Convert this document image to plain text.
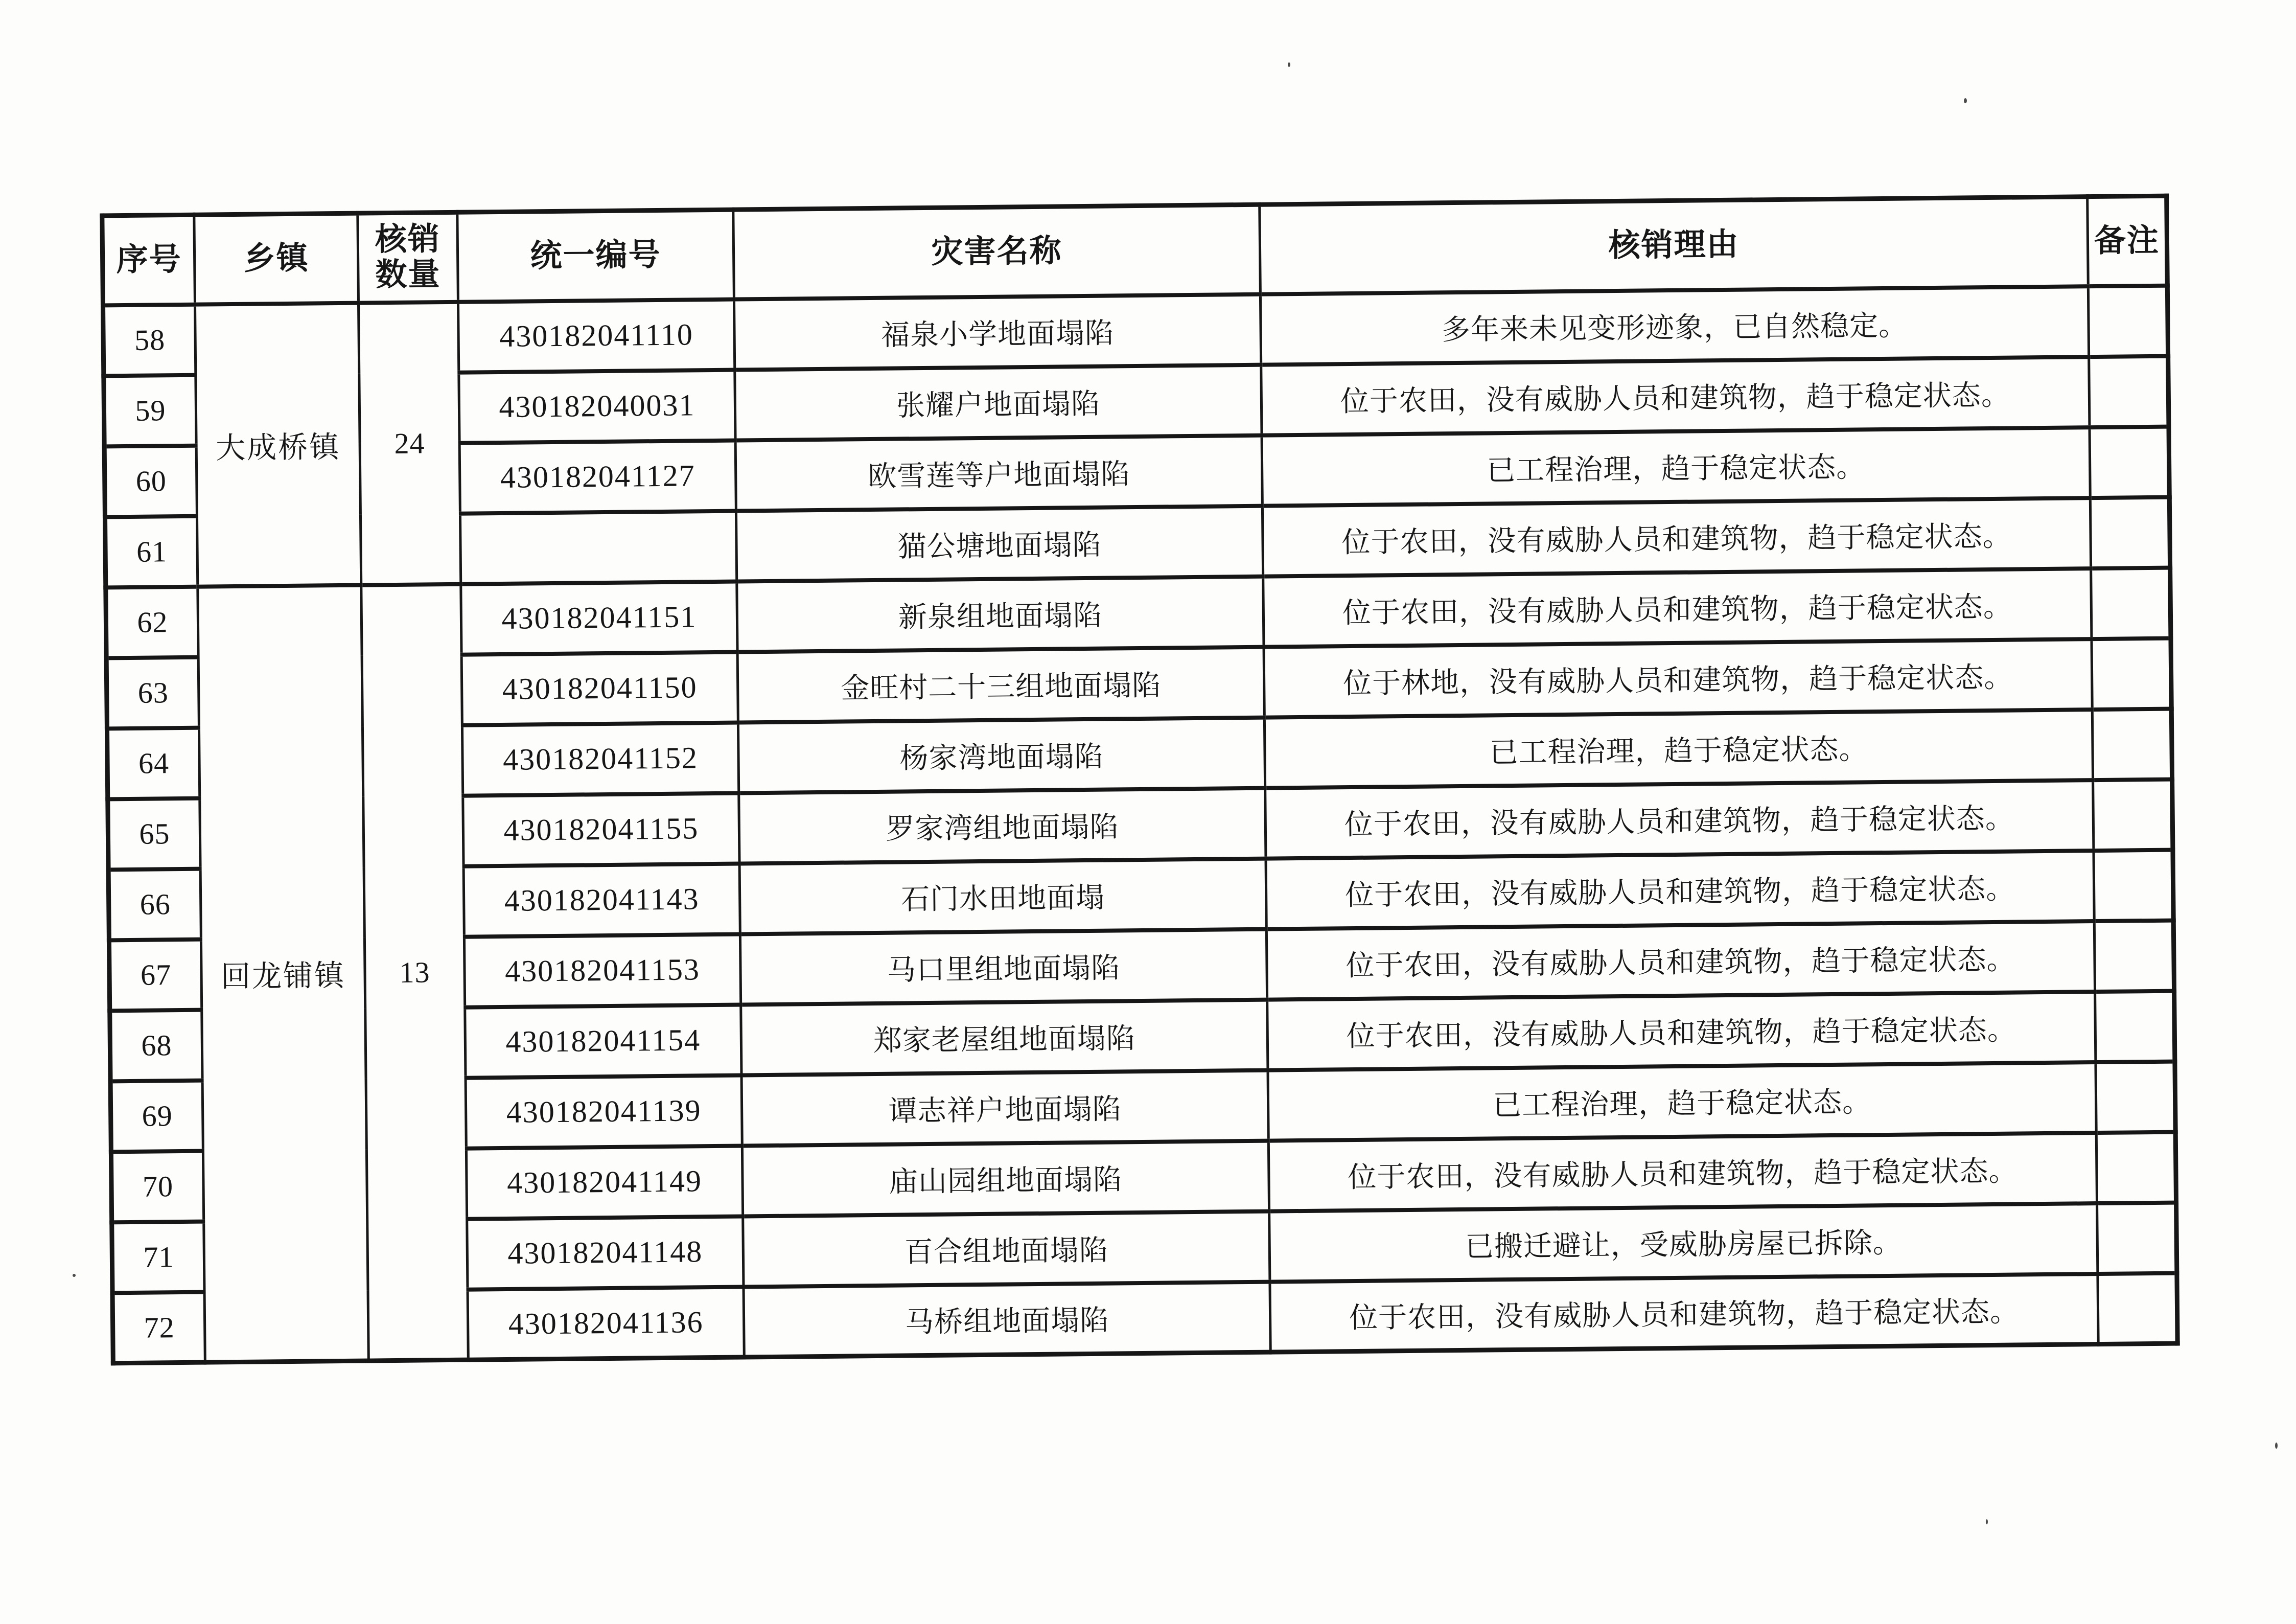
序号	乡镇	核销数量	统一编号	灾害名称	核销理由	备注
58	大成桥镇	24	430182041110	福泉小学地面塌陷	多年来未见变形迹象，已自然稳定。	
59			430182040031	张耀户地面塌陷	位于农田，没有威胁人员和建筑物，趋于稳定状态。	
60			430182041127	欧雪莲等户地面塌陷	已工程治理，趋于稳定状态。	
61				猫公塘地面塌陷	位于农田，没有威胁人员和建筑物，趋于稳定状态。	
62	回龙铺镇	13	430182041151	新泉组地面塌陷	位于农田，没有威胁人员和建筑物，趋于稳定状态。	
63			430182041150	金旺村二十三组地面塌陷	位于林地，没有威胁人员和建筑物，趋于稳定状态。	
64			430182041152	杨家湾地面塌陷	已工程治理，趋于稳定状态。	
65			430182041155	罗家湾组地面塌陷	位于农田，没有威胁人员和建筑物，趋于稳定状态。	
66			430182041143	石门水田地面塌	位于农田，没有威胁人员和建筑物，趋于稳定状态。	
67			430182041153	马口里组地面塌陷	位于农田，没有威胁人员和建筑物，趋于稳定状态。	
68			430182041154	郑家老屋组地面塌陷	位于农田，没有威胁人员和建筑物，趋于稳定状态。	
69			430182041139	谭志祥户地面塌陷	已工程治理，趋于稳定状态。	
70			430182041149	庙山园组地面塌陷	位于农田，没有威胁人员和建筑物，趋于稳定状态。	
71			430182041148	百合组地面塌陷	已搬迁避让，受威胁房屋已拆除。	
72			430182041136	马桥组地面塌陷	位于农田，没有威胁人员和建筑物，趋于稳定状态。	
